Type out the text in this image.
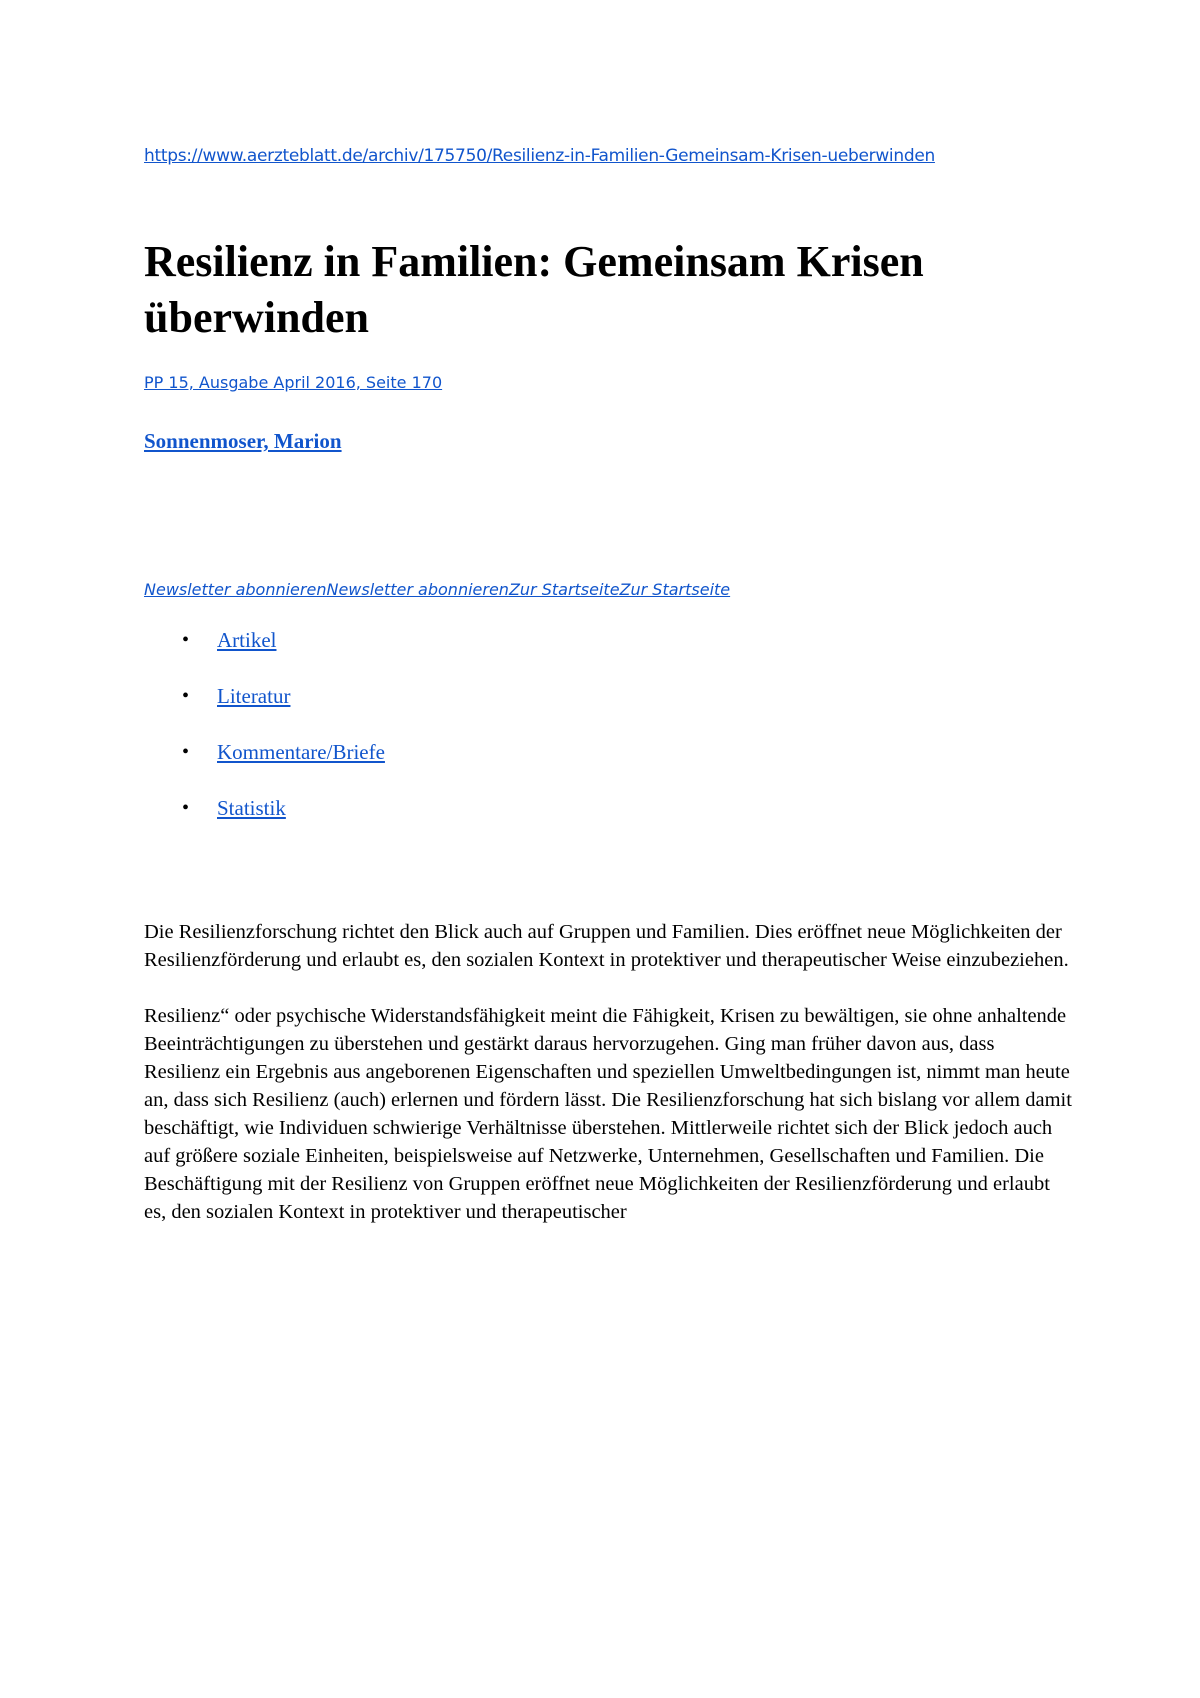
https://www.aerzteblatt.de/archiv/175750/Resilienz-in-Familien-Gemeinsam-Krisen-ueberwinden
Resilienz in Familien: Gemeinsam Krisen überwinden
PP 15, Ausgabe April 2016, Seite 170
Sonnenmoser, Marion
Newsletter abonnierenNewsletter abonnierenZur StartseiteZur Startseite
• Artikel
• Literatur
• Kommentare/Briefe
• Statistik

Die Resilienzforschung richtet den Blick auch auf Gruppen und Familien. Dies eröffnet neue Möglichkeiten der Resilienzförderung und erlaubt es, den sozialen Kontext in protektiver und therapeutischer Weise einzubeziehen.

Resilienz“ oder psychische Widerstandsfähigkeit meint die Fähigkeit, Krisen zu bewältigen, sie ohne anhaltende Beeinträchtigungen zu überstehen und gestärkt daraus hervorzugehen. Ging man früher davon aus, dass Resilienz ein Ergebnis aus angeborenen Eigenschaften und speziellen Umweltbedingungen ist, nimmt man heute an, dass sich Resilienz (auch) erlernen und fördern lässt. Die Resilienzforschung hat sich bislang vor allem damit beschäftigt, wie Individuen schwierige Verhältnisse überstehen. Mittlerweile richtet sich der Blick jedoch auch auf größere soziale Einheiten, beispielsweise auf Netzwerke, Unternehmen, Gesellschaften und Familien. Die Beschäftigung mit der Resilienz von Gruppen eröffnet neue Möglichkeiten der Resilienzförderung und erlaubt es, den sozialen Kontext in protektiver und therapeutischer
